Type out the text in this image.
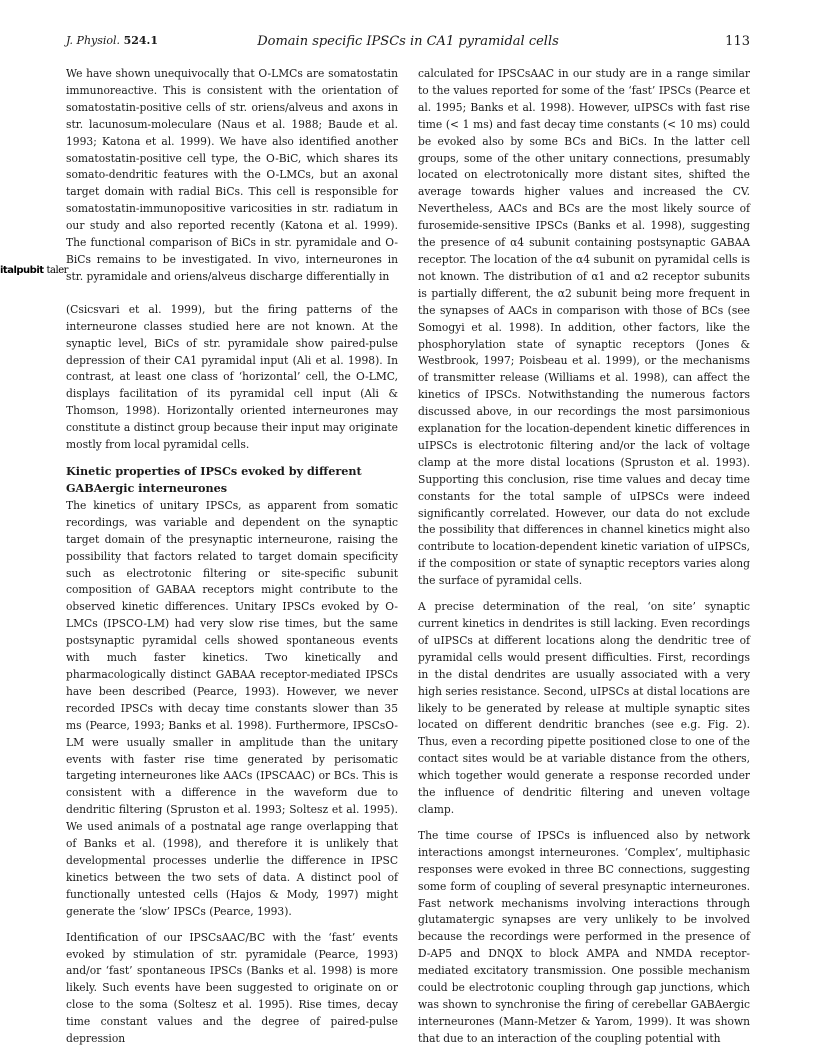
J. Physiol. 524.1	Domain specific IPSCs in CA1 pyramidal cells	113
italpubit taler

We have shown unequivocally that O-LMCs are somatostatin immunoreactive. This is consistent with the orientation of somatostatin-positive cells of str. oriens/alveus and axons in str. lacunosum-moleculare (Naus et al. 1988; Baude et al. 1993; Katona et al. 1999). We have also identified another somatostatin-positive cell type, the O-BiC, which shares its somato-dendritic features with the O-LMCs, but an axonal target domain with radial BiCs. This cell is responsible for somatostatin-immunopositive varicosities in str. radiatum in our study and also reported recently (Katona et al. 1999). The functional comparison of BiCs in str. pyramidale and O-BiCs remains to be investigated. In vivo, interneurones in str. pyramidale and oriens/alveus discharge differentially in

(Csicsvari et al. 1999), but the firing patterns of the interneurone classes studied here are not known. At the synaptic level, BiCs of str. pyramidale show paired-pulse depression of their CA1 pyramidal input (Ali et al. 1998). In contrast, at least one class of ‘horizontal’ cell, the O-LMC, displays facilitation of its pyramidal cell input (Ali & Thomson, 1998). Horizontally oriented interneurones may constitute a distinct group because their input may originate mostly from local pyramidal cells.

Kinetic properties of IPSCs evoked by different GABAergic interneurones

The kinetics of unitary IPSCs, as apparent from somatic recordings, was variable and dependent on the synaptic target domain of the presynaptic interneurone, raising the possibility that factors related to target domain specificity such as electrotonic filtering or site-specific subunit composition of GABAA receptors might contribute to the observed kinetic differences. Unitary IPSCs evoked by O-LMCs (IPSCO-LM) had very slow rise times, but the same postsynaptic pyramidal cells showed spontaneous events with much faster kinetics. Two kinetically and pharmacologically distinct GABAA receptor-mediated IPSCs have been described (Pearce, 1993). However, we never recorded IPSCs with decay time constants slower than 35 ms (Pearce, 1993; Banks et al. 1998). Furthermore, IPSCsO-LM were usually smaller in amplitude than the unitary events with faster rise time generated by perisomatic targeting interneurones like AACs (IPSCAAC) or BCs. This is consistent with a difference in the waveform due to dendritic filtering (Spruston et al. 1993; Soltesz et al. 1995). We used animals of a postnatal age range overlapping that of Banks et al. (1998), and therefore it is unlikely that developmental processes underlie the difference in IPSC kinetics between the two sets of data. A distinct pool of functionally untested cells (Hajos & Mody, 1997) might generate the ‘slow’ IPSCs (Pearce, 1993).

Identification of our IPSCsAAC/BC with the ‘fast’ events evoked by stimulation of str. pyramidale (Pearce, 1993) and/or ‘fast’ spontaneous IPSCs (Banks et al. 1998) is more likely. Such events have been suggested to originate on or close to the soma (Soltesz et al. 1995). Rise times, decay time constant values and the degree of paired-pulse depression

calculated for IPSCsAAC in our study are in a range similar to the values reported for some of the ‘fast’ IPSCs (Pearce et al. 1995; Banks et al. 1998). However, uIPSCs with fast rise time (< 1 ms) and fast decay time constants (< 10 ms) could be evoked also by some BCs and BiCs. In the latter cell groups, some of the other unitary connections, presumably located on electrotonically more distant sites, shifted the average towards higher values and increased the CV. Nevertheless, AACs and BCs are the most likely source of furosemide-sensitive IPSCs (Banks et al. 1998), suggesting the presence of α4 subunit containing postsynaptic GABAA receptor. The location of the α4 subunit on pyramidal cells is not known. The distribution of α1 and α2 receptor subunits is partially different, the α2 subunit being more frequent in the synapses of AACs in comparison with those of BCs (see Somogyi et al. 1998). In addition, other factors, like the phosphorylation state of synaptic receptors (Jones & Westbrook, 1997; Poisbeau et al. 1999), or the mechanisms of transmitter release (Williams et al. 1998), can affect the kinetics of IPSCs. Notwithstanding the numerous factors discussed above, in our recordings the most parsimonious explanation for the location-dependent kinetic differences in uIPSCs is electrotonic filtering and/or the lack of voltage clamp at the more distal locations (Spruston et al. 1993). Supporting this conclusion, rise time values and decay time constants for the total sample of uIPSCs were indeed significantly correlated. However, our data do not exclude the possibility that differences in channel kinetics might also contribute to location-dependent kinetic variation of uIPSCs, if the composition or state of synaptic receptors varies along the surface of pyramidal cells.

A precise determination of the real, ‘on site’ synaptic current kinetics in dendrites is still lacking. Even recordings of uIPSCs at different locations along the dendritic tree of pyramidal cells would present difficulties. First, recordings in the distal dendrites are usually associated with a very high series resistance. Second, uIPSCs at distal locations are likely to be generated by release at multiple synaptic sites located on different dendritic branches (see e.g. Fig. 2). Thus, even a recording pipette positioned close to one of the contact sites would be at variable distance from the others, which together would generate a response recorded under the influence of dendritic filtering and uneven voltage clamp.

The time course of IPSCs is influenced also by network interactions amongst interneurones. ‘Complex’, multiphasic responses were evoked in three BC connections, suggesting some form of coupling of several presynaptic interneurones. Fast network mechanisms involving interactions through glutamatergic synapses are very unlikely to be involved because the recordings were performed in the presence of D-AP5 and DNQX to block AMPA and NMDA receptor-mediated excitatory transmission. One possible mechanism could be electrotonic coupling through gap junctions, which was shown to synchronise the firing of cerebellar GABAergic interneurones (Mann-Metzer & Yarom, 1999). It was shown that due to an interaction of the coupling potential with
